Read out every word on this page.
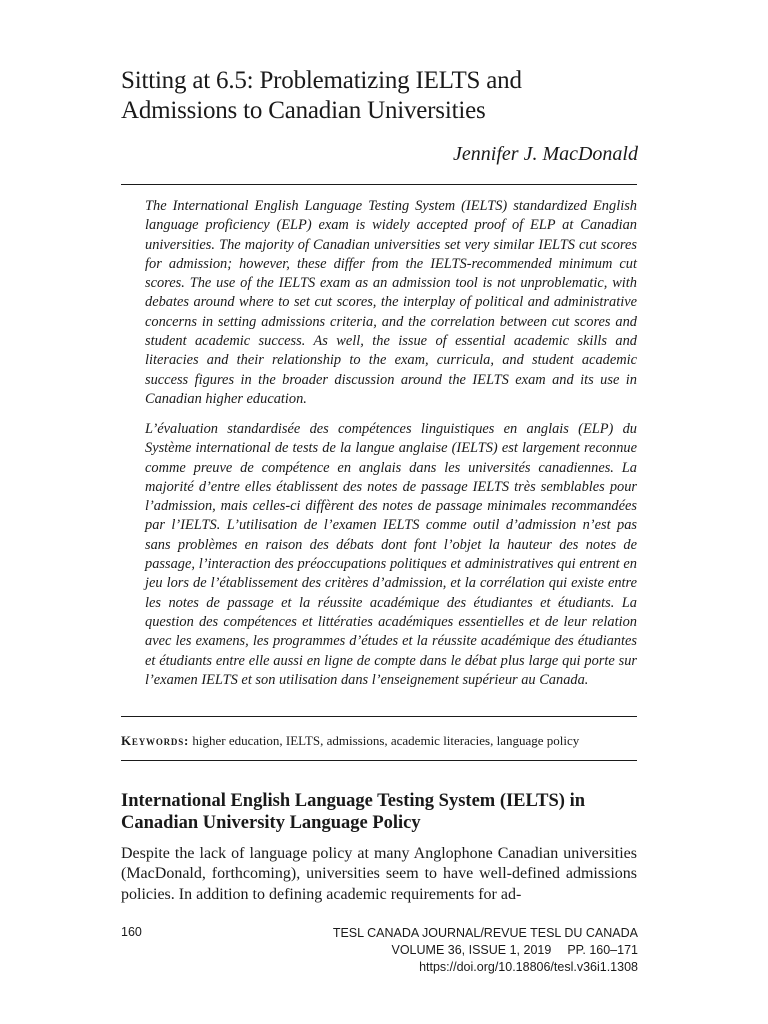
Sitting at 6.5: Problematizing IELTS and Admissions to Canadian Universities
Jennifer J. MacDonald

The International English Language Testing System (IELTS) standardized English language proficiency (ELP) exam is widely accepted proof of ELP at Canadian universities. The majority of Canadian universities set very similar IELTS cut scores for admission; however, these differ from the IELTS-recommended minimum cut scores. The use of the IELTS exam as an admission tool is not unproblematic, with debates around where to set cut scores, the interplay of political and administrative concerns in setting admissions criteria, and the correlation between cut scores and student academic success. As well, the issue of essential academic skills and literacies and their relationship to the exam, curricula, and student academic success figures in the broader discussion around the IELTS exam and its use in Canadian higher education.

L’évaluation standardisée des compétences linguistiques en anglais (ELP) du Système international de tests de la langue anglaise (IELTS) est largement reconnue comme preuve de compétence en anglais dans les universités canadiennes. La majorité d’entre elles établissent des notes de passage IELTS très semblables pour l’admission, mais celles-ci diffèrent des notes de passage minimales recommandées par l’IELTS. L’utilisation de l’examen IELTS comme outil d’admission n’est pas sans problèmes en raison des débats dont font l’objet la hauteur des notes de passage, l’interaction des préoccupations politiques et administratives qui entrent en jeu lors de l’établissement des critères d’admission, et la corrélation qui existe entre les notes de passage et la réussite académique des étudiantes et étudiants. La question des compétences et littératies académiques essentielles et de leur relation avec les examens, les programmes d’études et la réussite académique des étudiantes et étudiants entre elle aussi en ligne de compte dans le débat plus large qui porte sur l’examen IELTS et son utilisation dans l’enseignement supérieur au Canada.

Keywords: higher education, IELTS, admissions, academic literacies, language policy
International English Language Testing System (IELTS) in Canadian University Language Policy

Despite the lack of language policy at many Anglophone Canadian universities (MacDonald, forthcoming), universities seem to have well-defined admissions policies. In addition to defining academic requirements for ad-

160	TESL CANADA JOURNAL/REVUE TESL DU CANADA
VOLUME 36, ISSUE 1, 2019 PP. 160–171
https://doi.org/10.18806/tesl.v36i1.1308
